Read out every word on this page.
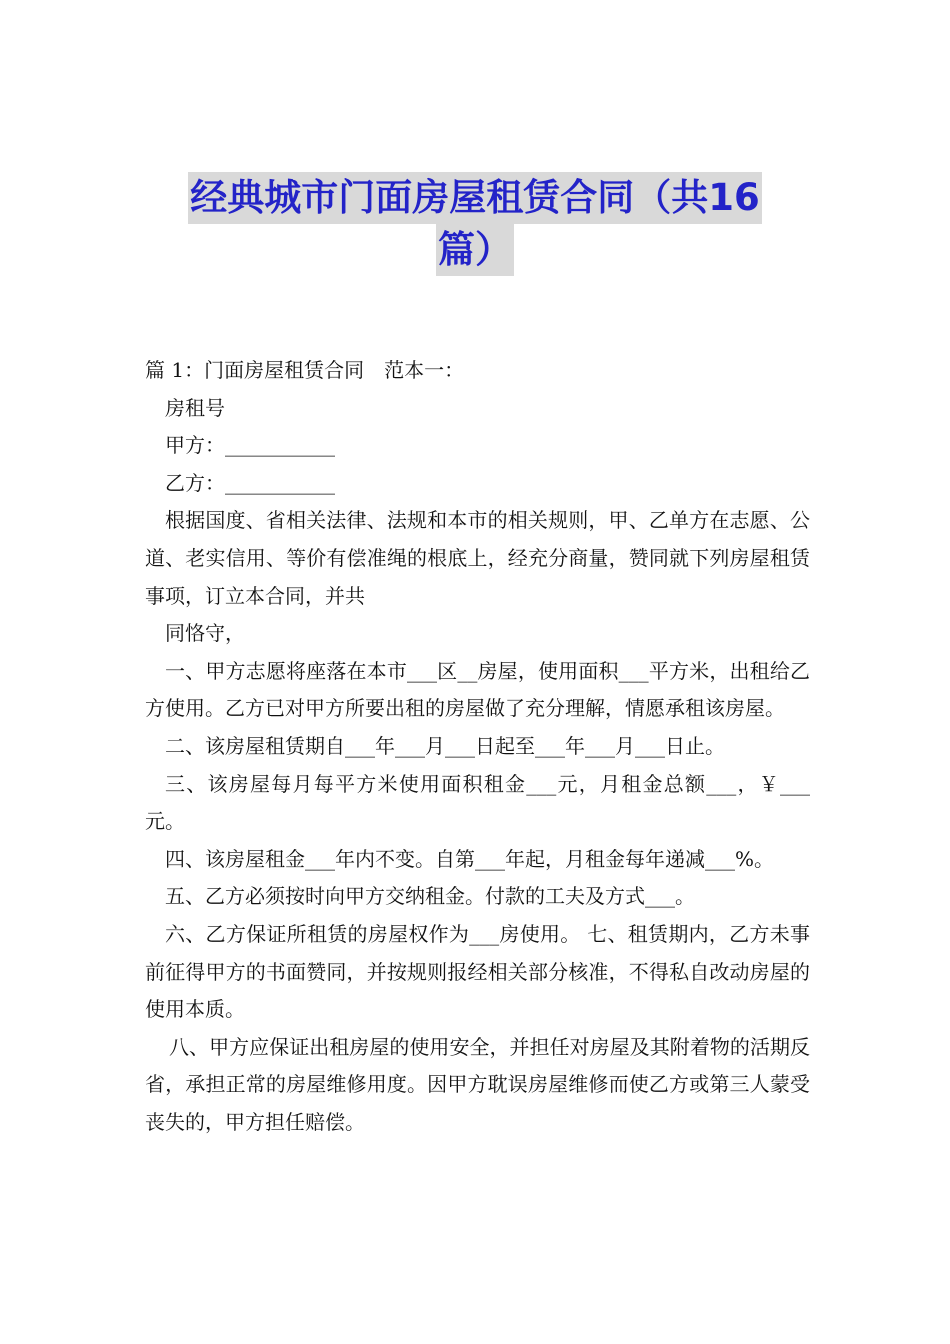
经典城市门面房屋租赁合同（共16
篇）

篇 1：门面房屋租赁合同　范本一：

房租号

甲方：___________

乙方：___________

根据国度、省相关法律、法规和本市的相关规则，甲、乙单方在志愿、公道、老实信用、等价有偿准绳的根底上，经充分商量，赞同就下列房屋租赁事项，订立本合同，并共

同恪守，

一、甲方志愿将座落在本市___区__房屋，使用面积___平方米，出租给乙方使用。乙方已对甲方所要出租的房屋做了充分理解，情愿承租该房屋。

二、该房屋租赁期自___年___月___日起至___年___月___日止。

三、该房屋每月每平方米使用面积租金___元，月租金总额___，￥___元。

四、该房屋租金___年内不变。自第___年起，月租金每年递减___%。

五、乙方必须按时向甲方交纳租金。付款的工夫及方式___。

六、乙方保证所租赁的房屋权作为___房使用。 七、租赁期内，乙方未事前征得甲方的书面赞同，并按规则报经相关部分核准，不得私自改动房屋的使用本质。

八、甲方应保证出租房屋的使用安全，并担任对房屋及其附着物的活期反省，承担正常的房屋维修用度。因甲方耽误房屋维修而使乙方或第三人蒙受丧失的，甲方担任赔偿。
